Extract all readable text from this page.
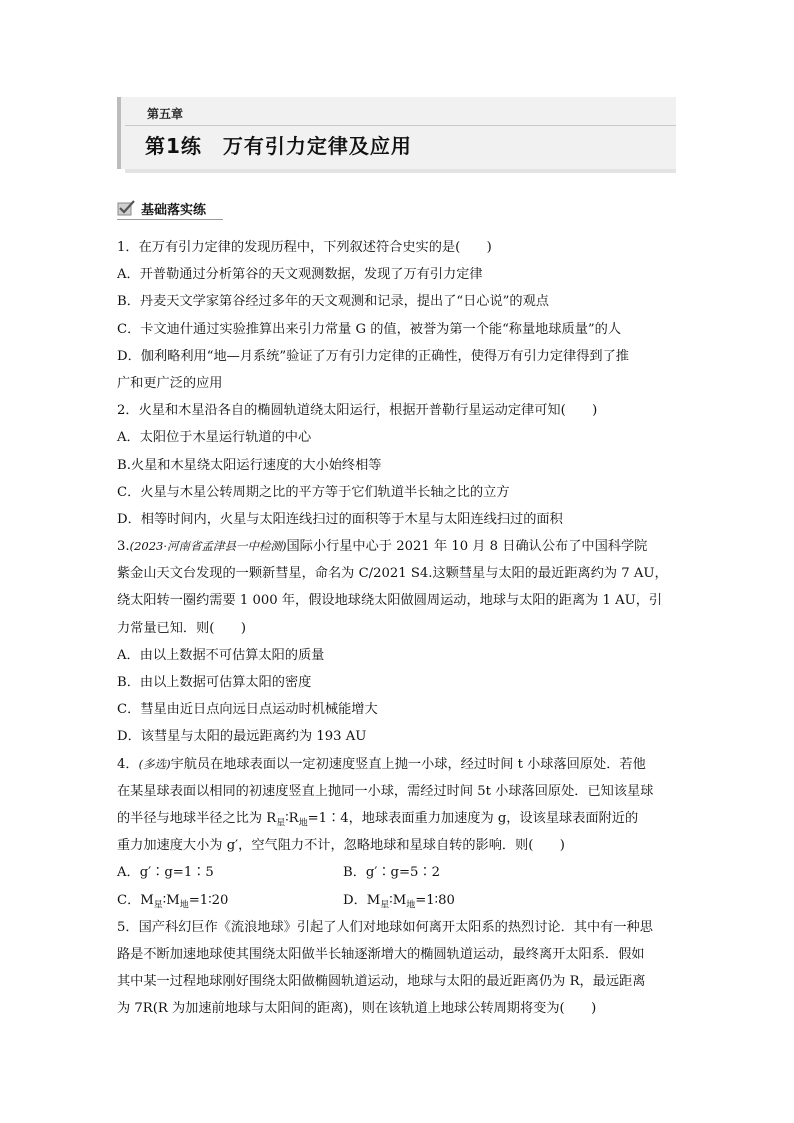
第五章
第1练　万有引力定律及应用
基础落实练
1．在万有引力定律的发现历程中，下列叙述符合史实的是(　　)
A．开普勒通过分析第谷的天文观测数据，发现了万有引力定律
B．丹麦天文学家第谷经过多年的天文观测和记录，提出了“日心说”的观点
C．卡文迪什通过实验推算出来引力常量 G 的值，被誉为第一个能“称量地球质量”的人
D．伽利略利用“地—月系统”验证了万有引力定律的正确性，使得万有引力定律得到了推
广和更广泛的应用
2．火星和木星沿各自的椭圆轨道绕太阳运行，根据开普勒行星运动定律可知(　　)
A．太阳位于木星运行轨道的中心
B.火星和木星绕太阳运行速度的大小始终相等
C．火星与木星公转周期之比的平方等于它们轨道半长轴之比的立方
D．相等时间内，火星与太阳连线扫过的面积等于木星与太阳连线扫过的面积
3.(2023·河南省孟津县一中检测)国际小行星中心于 2021 年 10 月 8 日确认公布了中国科学院
紫金山天文台发现的一颗新彗星，命名为 C/2021 S4.这颗彗星与太阳的最近距离约为 7 AU，
绕太阳转一圈约需要 1 000 年，假设地球绕太阳做圆周运动，地球与太阳的距离为 1 AU，引
力常量已知．则(　　)
A．由以上数据不可估算太阳的质量
B．由以上数据可估算太阳的密度
C．彗星由近日点向远日点运动时机械能增大
D．该彗星与太阳的最远距离约为 193 AU
4．(多选)宇航员在地球表面以一定初速度竖直上抛一小球，经过时间 t 小球落回原处．若他
在某星球表面以相同的初速度竖直上抛同一小球，需经过时间 5t 小球落回原处．已知该星球
的半径与地球半径之比为 $R_星∶R_地=1∶4$，地球表面重力加速度为 g，设该星球表面附近的
重力加速度大小为 g′，空气阻力不计，忽略地球和星球自转的影响．则(　　)
A．g′∶g=1∶5	B．g′∶g=5∶2
C．$M_星∶M_地=1∶20$	D．$M_星∶M_地=1∶80$
5．国产科幻巨作《流浪地球》引起了人们对地球如何离开太阳系的热烈讨论．其中有一种思
路是不断加速地球使其围绕太阳做半长轴逐渐增大的椭圆轨道运动，最终离开太阳系．假如
其中某一过程地球刚好围绕太阳做椭圆轨道运动，地球与太阳的最近距离仍为 R，最远距离
为 7R(R 为加速前地球与太阳间的距离)，则在该轨道上地球公转周期将变为(　　)
